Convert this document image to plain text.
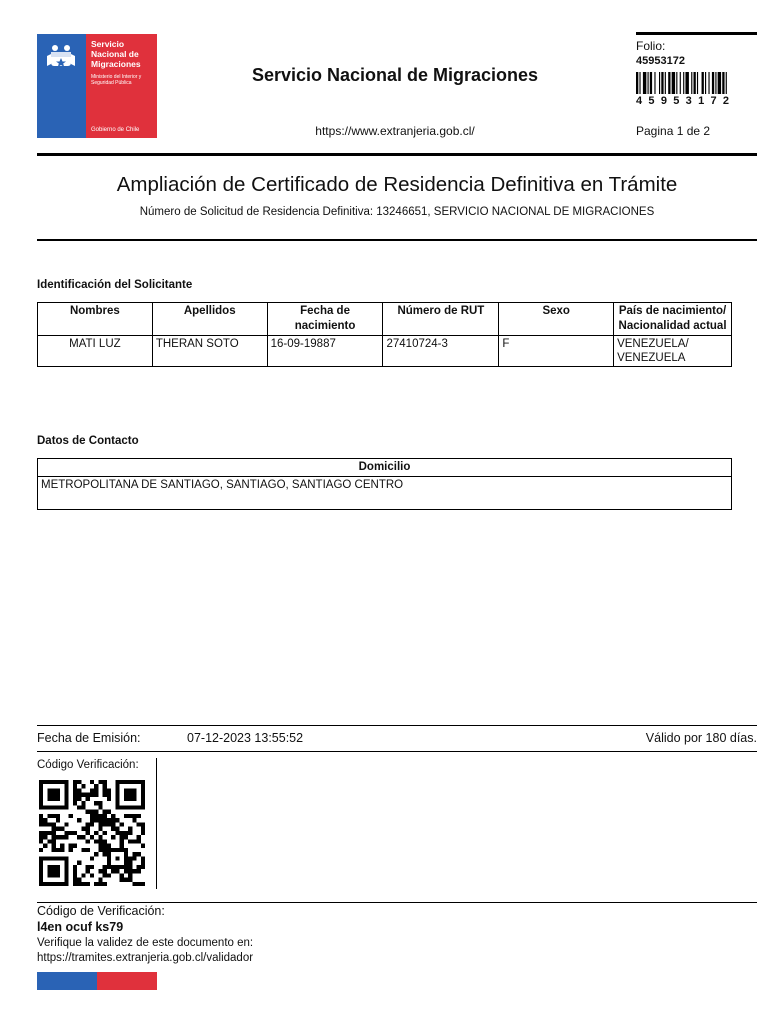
Servicio Nacional de Migraciones
Ministerio del Interior y Seguridad Pública
Gobierno de Chile
Servicio Nacional de Migraciones
https://www.extranjeria.gob.cl/
Folio:
45953172
45953172
Pagina 1 de 2
Ampliación de Certificado de Residencia Definitiva en Trámite
Número de Solicitud de Residencia Definitiva: 13246651, SERVICIO NACIONAL DE MIGRACIONES
Identificación del Solicitante
Nombres	Apellidos	Fecha de nacimiento	Número de RUT	Sexo	País de nacimiento/ Nacionalidad actual
MATI LUZ	THERAN SOTO	16-09-19887	27410724-3	F	VENEZUELA/ VENEZUELA
Datos de Contacto
Domicilio
METROPOLITANA DE SANTIAGO, SANTIAGO, SANTIAGO CENTRO
Fecha de Emisión:	07-12-2023 13:55:52	Válido por 180 días.
Código Verificación:
Código de Verificación:
l4en ocuf ks79
Verifique la validez de este documento en:
https://tramites.extranjeria.gob.cl/validador
